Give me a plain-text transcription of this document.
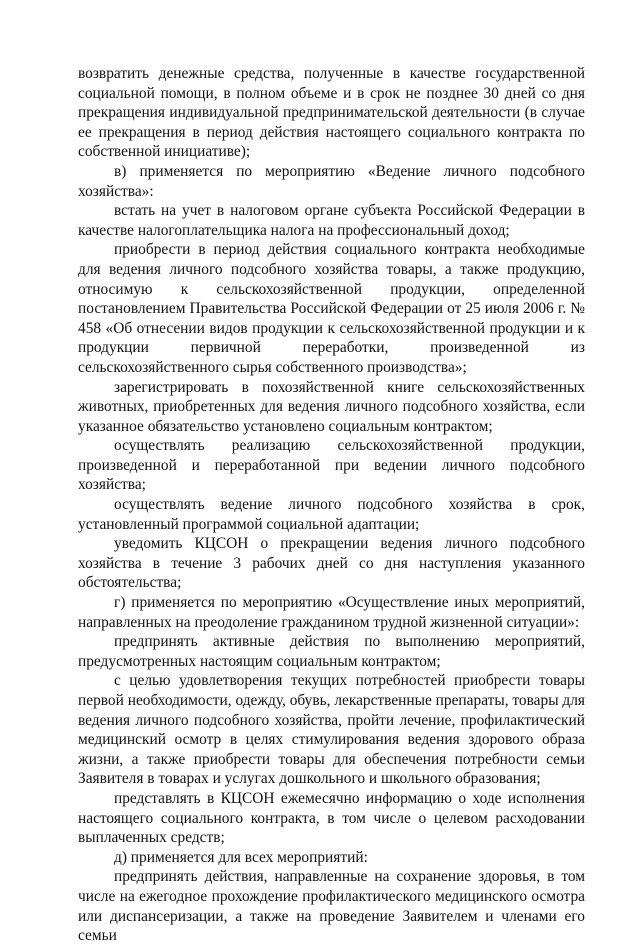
возвратить денежные средства, полученные в качестве государственной социальной помощи, в полном объеме и в срок не позднее 30 дней со дня прекращения индивидуальной предпринимательской деятельности (в случае ее прекращения в период действия настоящего социального контракта по собственной инициативе);

в) применяется по мероприятию «Ведение личного подсобного хозяйства»:

встать на учет в налоговом органе субъекта Российской Федерации в качестве налогоплательщика налога на профессиональный доход;

приобрести в период действия социального контракта необходимые для ведения личного подсобного хозяйства товары, а также продукцию, относимую к сельскохозяйственной продукции, определенной постановлением Правительства Российской Федерации от 25 июля 2006 г. № 458 «Об отнесении видов продукции к сельскохозяйственной продукции и к продукции первичной переработки, произведенной из сельскохозяйственного сырья собственного производства»;

зарегистрировать в похозяйственной книге сельскохозяйственных животных, приобретенных для ведения личного подсобного хозяйства, если указанное обязательство установлено социальным контрактом;

осуществлять реализацию сельскохозяйственной продукции, произведенной и переработанной при ведении личного подсобного хозяйства;

осуществлять ведение личного подсобного хозяйства в срок, установленный программой социальной адаптации;

уведомить КЦСОН о прекращении ведения личного подсобного хозяйства в течение 3 рабочих дней со дня наступления указанного обстоятельства;

г) применяется по мероприятию «Осуществление иных мероприятий, направленных на преодоление гражданином трудной жизненной ситуации»:

предпринять активные действия по выполнению мероприятий, предусмотренных настоящим социальным контрактом;

с целью удовлетворения текущих потребностей приобрести товары первой необходимости, одежду, обувь, лекарственные препараты, товары для ведения личного подсобного хозяйства, пройти лечение, профилактический медицинский осмотр в целях стимулирования ведения здорового образа жизни, а также приобрести товары для обеспечения потребности семьи Заявителя в товарах и услугах дошкольного и школьного образования;

представлять в КЦСОН ежемесячно информацию о ходе исполнения настоящего социального контракта, в том числе о целевом расходовании выплаченных средств;

д) применяется для всех мероприятий:

предпринять действия, направленные на сохранение здоровья, в том числе на ежегодное прохождение профилактического медицинского осмотра или диспансеризации, а также на проведение Заявителем и членами его семьи
